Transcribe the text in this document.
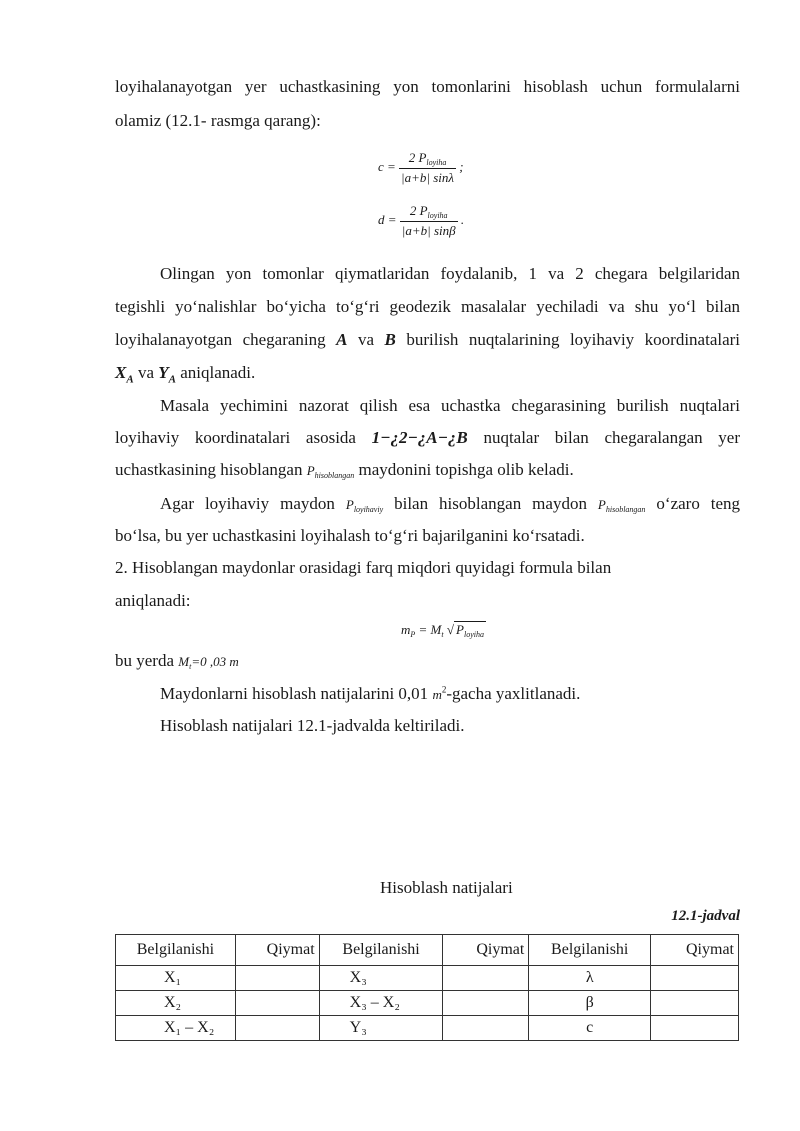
loyihalanayotgan yer uchastkasining yon tomonlarini hisoblash uchun formulalarni

olamiz (12.1- rasmga qarang):

$c = \frac{2 P_{loyiha}}{|a+b| \sin\lambda}$ ;
$d = \frac{2 P_{loyiha}}{|a+b| \sin\beta}$ .

Olingan yon tomonlar qiymatlaridan foydalanib, 1 va 2 chegara belgilaridan

tegishli yo‘nalishlar bo‘yicha to‘g‘ri geodezik masalalar yechiladi va shu yo‘l bilan

loyihalanayotgan chegaraning A va B burilish nuqtalarining loyihaviy koordinatalari

$X_A$ va $Y_A$ aniqlanadi.

Masala yechimini nazorat qilish esa uchastka chegarasining burilish nuqtalari

loyihaviy koordinatalari asosida 1−¿2−¿A−¿B nuqtalar bilan chegaralangan yer

uchastkasining hisoblangan Phisoblangan maydonini topishga olib keladi.

Agar loyihaviy maydon Ployihaviy bilan hisoblangan maydon Phisoblangan o‘zaro teng

bo‘lsa, bu yer uchastkasini loyihalash to‘g‘ri bajarilganini ko‘rsatadi.

2. Hisoblangan maydonlar orasidagi farq miqdori quyidagi formula bilan

aniqlanadi:

$m_P = M_t$ √ $P_{loyiha}$

bu yerda Mt=0 ,03 m

Maydonlarni hisoblash natijalarini 0,01 $m^2$-gacha yaxlitlanadi.

Hisoblash natijalari 12.1-jadvalda keltiriladi.

Hisoblash natijalari

12.1-jadval

Belgilanishi	Qiymat	Belgilanishi	Qiymat	Belgilanishi	Qiymat
X₁		X₃		λ	
X₂		X₃ – X₂		β	
X₁ – X₂		Y₃		c	
